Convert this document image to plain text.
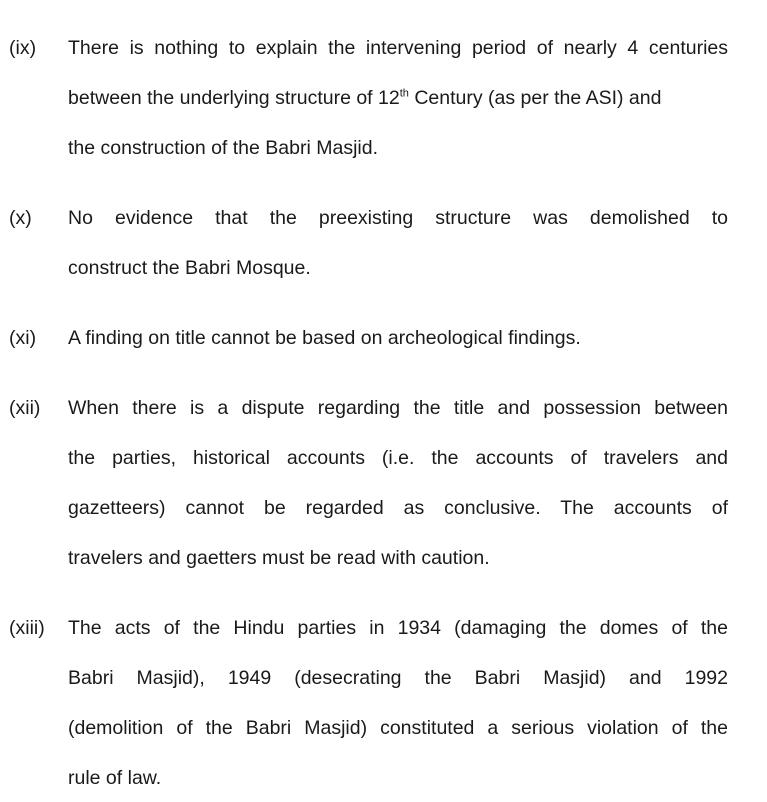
(ix) There is nothing to explain the intervening period of nearly 4 centuries
between the underlying structure of 12th Century (as per the ASI) and
the construction of the Babri Masjid.
(x) No evidence that the preexisting structure was demolished to
construct the Babri Mosque.
(xi) A finding on title cannot be based on archeological findings.
(xii) When there is a dispute regarding the title and possession between
the parties, historical accounts (i.e. the accounts of travelers and
gazetteers) cannot be regarded as conclusive. The accounts of
travelers and gaetters must be read with caution.
(xiii) The acts of the Hindu parties in 1934 (damaging the domes of the
Babri Masjid), 1949 (desecrating the Babri Masjid) and 1992
(demolition of the Babri Masjid) constituted a serious violation of the
rule of law.
